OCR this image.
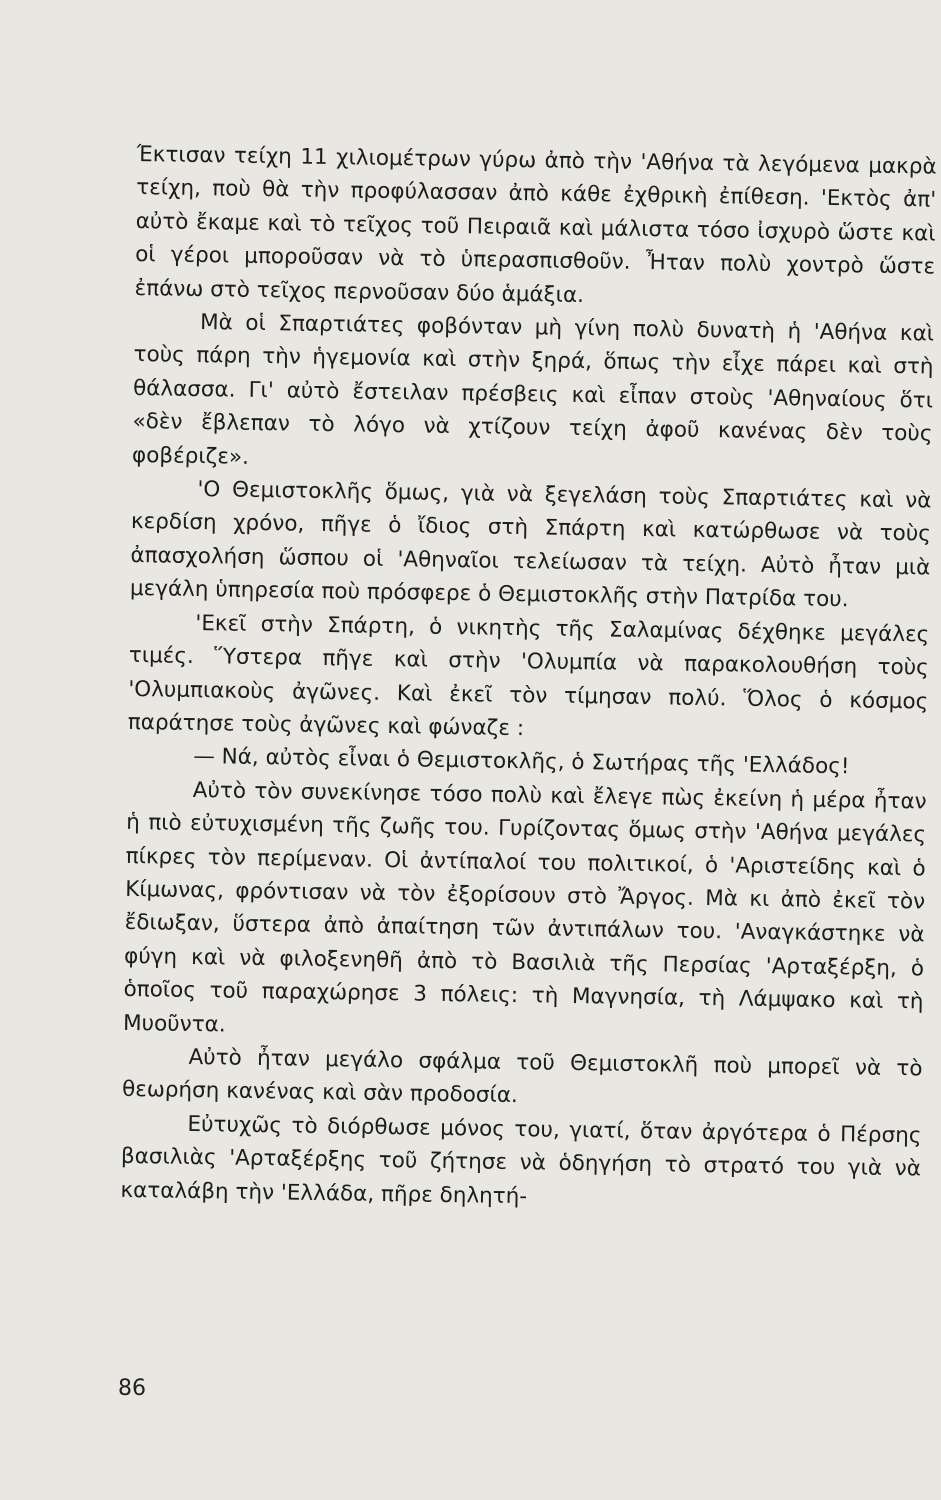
Έκτισαν τείχη 11 χιλιομέτρων γύρω ἀπὸ τὴν 'Αθήνα τὰ λεγόμενα μακρὰ τείχη, ποὺ θὰ τὴν προφύλασσαν ἀπὸ κάθε ἐχθρικὴ ἐπίθεση. 'Εκτὸς ἀπ' αὐτὸ ἔκαμε καὶ τὸ τεῖχος τοῦ Πειραιᾶ καὶ μάλιστα τόσο ἰσχυρὸ ὥστε καὶ οἱ γέροι μποροῦσαν νὰ τὸ ὑπερασπισθοῦν. Ἦταν πολὺ χοντρὸ ὥστε ἐπάνω στὸ τεῖχος περνοῦσαν δύο ἁμάξια.

Μὰ οἱ Σπαρτιάτες φοβόνταν μὴ γίνη πολὺ δυνατὴ ἡ 'Αθήνα καὶ τοὺς πάρη τὴν ἡγεμονία καὶ στὴν ξηρά, ὅπως τὴν εἶχε πάρει καὶ στὴ θάλασσα. Γι' αὐτὸ ἔστειλαν πρέσβεις καὶ εἶπαν στοὺς 'Αθηναίους ὅτι «δὲν ἔβλεπαν τὸ λόγο νὰ χτίζουν τείχη ἀφοῦ κανένας δὲν τοὺς φοβέριζε».

'Ο Θεμιστοκλῆς ὅμως, γιὰ νὰ ξεγελάση τοὺς Σπαρτιάτες καὶ νὰ κερδίση χρόνο, πῆγε ὁ ἴδιος στὴ Σπάρτη καὶ κατώρθωσε νὰ τοὺς ἀπασχολήση ὥσπου οἱ 'Αθηναῖοι τελείωσαν τὰ τείχη. Αὐτὸ ἦταν μιὰ μεγάλη ὑπηρεσία ποὺ πρόσφερε ὁ Θεμιστοκλῆς στὴν Πατρίδα του.

'Εκεῖ στὴν Σπάρτη, ὁ νικητὴς τῆς Σαλαμίνας δέχθηκε μεγάλες τιμές. Ὕστερα πῆγε καὶ στὴν 'Ολυμπία νὰ παρακολουθήση τοὺς 'Ολυμπιακοὺς ἀγῶνες. Καὶ ἐκεῖ τὸν τίμησαν πολύ. Ὅλος ὁ κόσμος παράτησε τοὺς ἀγῶνες καὶ φώναζε :

— Νά, αὐτὸς εἶναι ὁ Θεμιστοκλῆς, ὁ Σωτήρας τῆς 'Ελλάδος!

Αὐτὸ τὸν συνεκίνησε τόσο πολὺ καὶ ἔλεγε πὼς ἐκείνη ἡ μέρα ἦταν ἡ πιὸ εὐτυχισμένη τῆς ζωῆς του. Γυρίζοντας ὅμως στὴν 'Αθήνα μεγάλες πίκρες τὸν περίμεναν. Οἱ ἀντίπαλοί του πολιτικοί, ὁ 'Αριστείδης καὶ ὁ Κίμωνας, φρόντισαν νὰ τὸν ἐξορίσουν στὸ Ἄργος. Μὰ κι ἀπὸ ἐκεῖ τὸν ἔδιωξαν, ὕστερα ἀπὸ ἀπαίτηση τῶν ἀντιπάλων του. 'Αναγκάστηκε νὰ φύγη καὶ νὰ φιλοξενηθῆ ἀπὸ τὸ Βασιλιὰ τῆς Περσίας 'Αρταξέρξη, ὁ ὁποῖος τοῦ παραχώρησε 3 πόλεις: τὴ Μαγνησία, τὴ Λάμψακο καὶ τὴ Μυοῦντα.

Αὐτὸ ἦταν μεγάλο σφάλμα τοῦ Θεμιστοκλῆ ποὺ μπορεῖ νὰ τὸ θεωρήση κανένας καὶ σὰν προδοσία.

Εὐτυχῶς τὸ διόρθωσε μόνος του, γιατί, ὅταν ἀργότερα ὁ Πέρσης βασιλιὰς 'Αρταξέρξης τοῦ ζήτησε νὰ ὁδηγήση τὸ στρατό του γιὰ νὰ καταλάβη τὴν 'Ελλάδα, πῆρε δηλητή-

86
